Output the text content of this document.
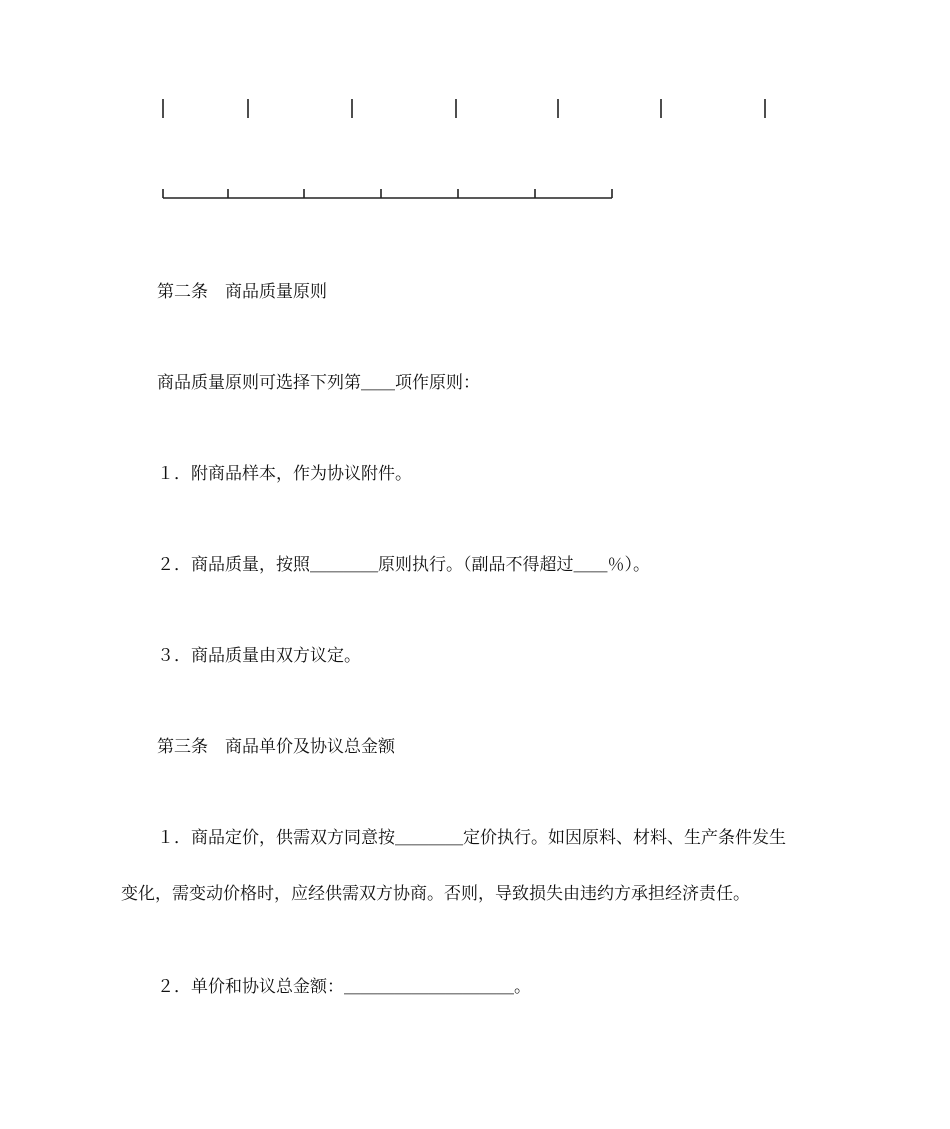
第二条　商品质量原则

商品质量原则可选择下列第＿＿项作原则：

１．附商品样本，作为协议附件。

２．商品质量，按照＿＿＿＿原则执行。（副品不得超过＿＿％）。

３．商品质量由双方议定。

第三条　商品单价及协议总金额

１．商品定价，供需双方同意按＿＿＿＿定价执行。如因原料、材料、生产条件发生

变化，需变动价格时，应经供需双方协商。否则，导致损失由违约方承担经济责任。

２．单价和协议总金额：＿＿＿＿＿＿＿＿＿＿。
